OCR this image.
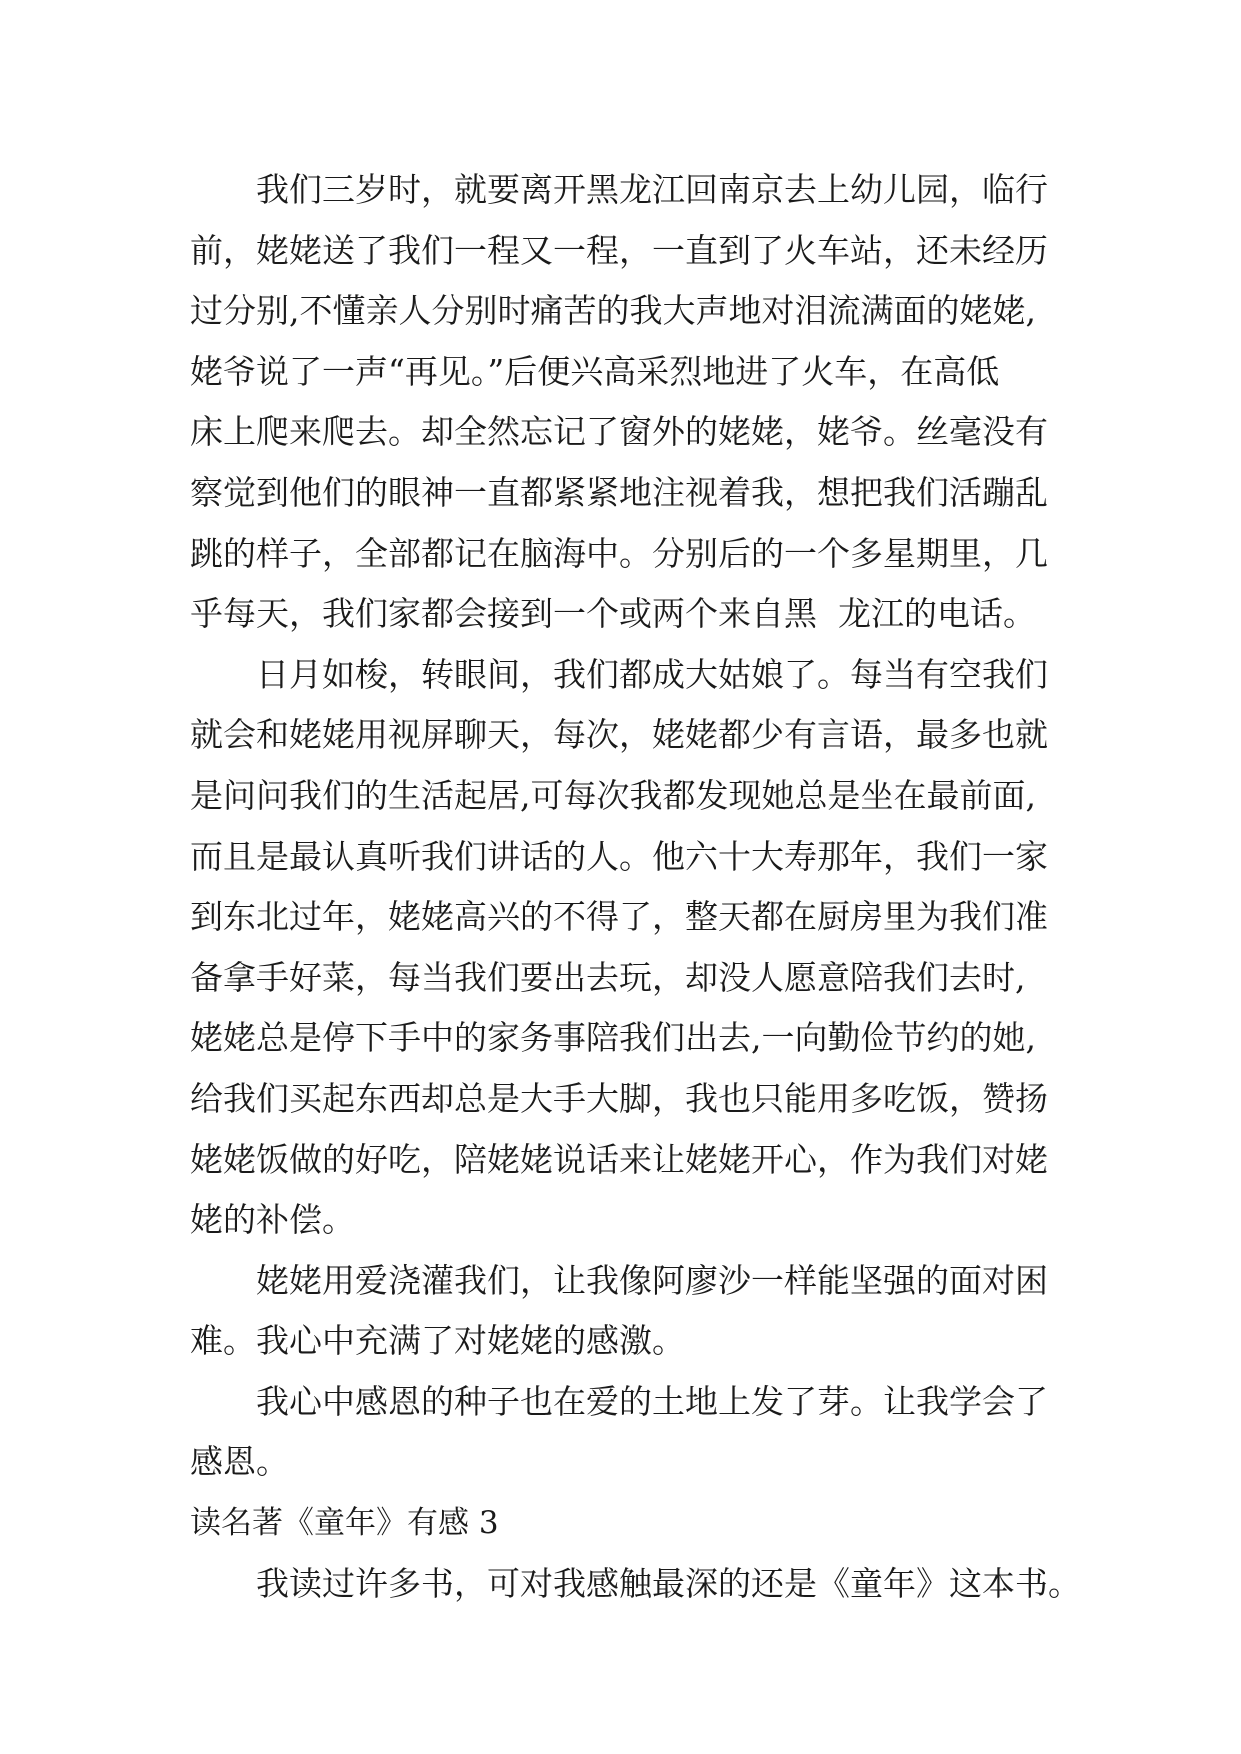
我们三岁时，就要离开黑龙江回南京去上幼儿园，临行
前，姥姥送了我们一程又一程，一直到了火车站，还未经历
过分别,不懂亲人分别时痛苦的我大声地对泪流满面的姥姥,
姥爷说了一声“再见。”后便兴高采烈地进了火车，在高低
床上爬来爬去。却全然忘记了窗外的姥姥，姥爷。丝毫没有
察觉到他们的眼神一直都紧紧地注视着我，想把我们活蹦乱
跳的样子，全部都记在脑海中。分别后的一个多星期里，几
乎每天，我们家都会接到一个或两个来自黑  龙江的电话。
日月如梭，转眼间，我们都成大姑娘了。每当有空我们
就会和姥姥用视屏聊天，每次，姥姥都少有言语，最多也就
是问问我们的生活起居,可每次我都发现她总是坐在最前面,
而且是最认真听我们讲话的人。他六十大寿那年，我们一家
到东北过年，姥姥高兴的不得了，整天都在厨房里为我们准
备拿手好菜，每当我们要出去玩，却没人愿意陪我们去时,
姥姥总是停下手中的家务事陪我们出去,一向勤俭节约的她,
给我们买起东西却总是大手大脚，我也只能用多吃饭，赞扬
姥姥饭做的好吃，陪姥姥说话来让姥姥开心，作为我们对姥
姥的补偿。
姥姥用爱浇灌我们，让我像阿廖沙一样能坚强的面对困
难。我心中充满了对姥姥的感激。
我心中感恩的种子也在爱的土地上发了芽。让我学会了
感恩。
读名著《童年》有感 3
我读过许多书，可对我感触最深的还是《童年》这本书。
